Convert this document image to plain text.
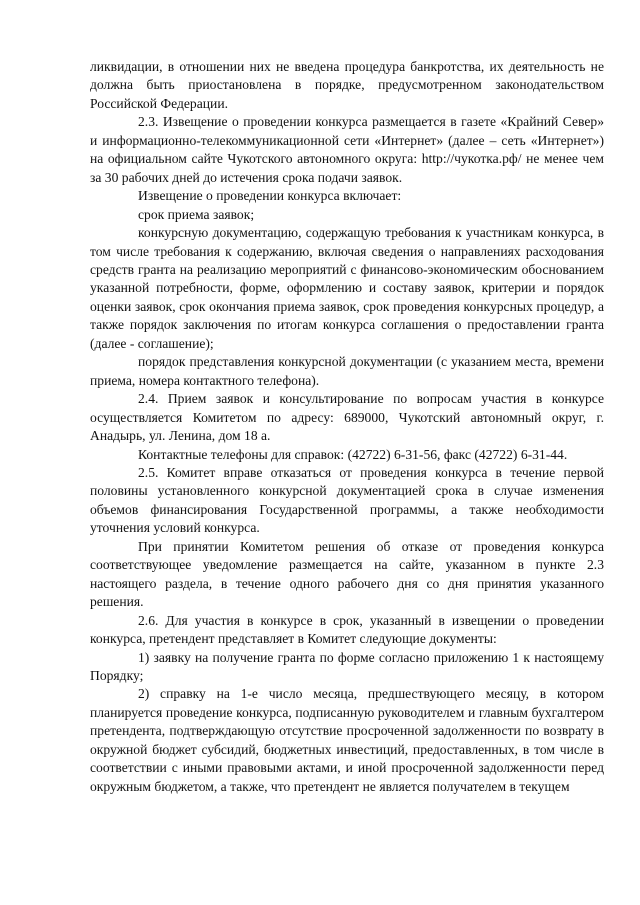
ликвидации, в отношении них не введена процедура банкротства, их деятельность не должна быть приостановлена в порядке, предусмотренном законодательством Российской Федерации.

2.3. Извещение о проведении конкурса размещается в газете «Крайний Север» и информационно-телекоммуникационной сети «Интернет» (далее – сеть «Интернет») на официальном сайте Чукотского автономного округа: http://чукотка.рф/ не менее чем за 30 рабочих дней до истечения срока подачи заявок.

Извещение о проведении конкурса включает:

срок приема заявок;

конкурсную документацию, содержащую требования к участникам конкурса, в том числе требования к содержанию, включая сведения о направлениях расходования средств гранта на реализацию мероприятий с финансово-экономическим обоснованием указанной потребности, форме, оформлению и составу заявок, критерии и порядок оценки заявок, срок окончания приема заявок, срок проведения конкурсных процедур, а также порядок заключения по итогам конкурса соглашения о предоставлении гранта (далее - соглашение);

порядок представления конкурсной документации (с указанием места, времени приема, номера контактного телефона).

2.4. Прием заявок и консультирование по вопросам участия в конкурсе осуществляется Комитетом по адресу: 689000, Чукотский автономный округ, г. Анадырь, ул. Ленина, дом 18 а.

Контактные телефоны для справок: (42722) 6-31-56, факс (42722) 6-31-44.

2.5. Комитет вправе отказаться от проведения конкурса в течение первой половины установленного конкурсной документацией срока в случае изменения объемов финансирования Государственной программы, а также необходимости уточнения условий конкурса.

При принятии Комитетом решения об отказе от проведения конкурса соответствующее уведомление размещается на сайте, указанном в пункте 2.3 настоящего раздела, в течение одного рабочего дня со дня принятия указанного решения.

2.6. Для участия в конкурсе в срок, указанный в извещении о проведении конкурса, претендент представляет в Комитет следующие документы:

1) заявку на получение гранта по форме согласно приложению 1 к настоящему Порядку;

2) справку на 1-е число месяца, предшествующего месяцу, в котором планируется проведение конкурса, подписанную руководителем и главным бухгалтером претендента, подтверждающую отсутствие просроченной задолженности по возврату в окружной бюджет субсидий, бюджетных инвестиций, предоставленных, в том числе в соответствии с иными правовыми актами, и иной просроченной задолженности перед окружным бюджетом, а также, что претендент не является получателем в текущем
